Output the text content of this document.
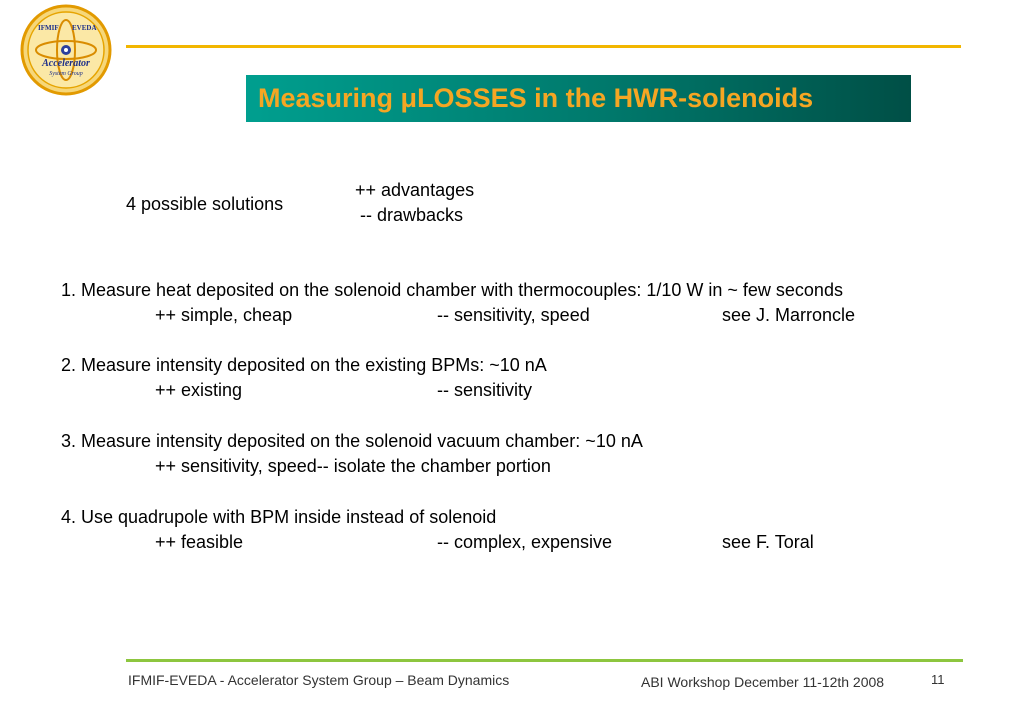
IFMIF EVEDA
Accelerator
System Group
Measuring μLOSSES in the HWR-solenoids
4 possible solutions
++ advantages
-- drawbacks
1. Measure heat deposited on the solenoid chamber with thermocouples: 1/10 W in ~ few seconds
++ simple, cheap	-- sensitivity, speed	see J. Marroncle
2. Measure intensity deposited on the existing BPMs: ~10 nA
++ existing	-- sensitivity
3. Measure intensity deposited on the solenoid vacuum chamber: ~10 nA
++ sensitivity, speed-- isolate the chamber portion
4. Use quadrupole with BPM inside instead of solenoid
++ feasible	-- complex, expensive	see F. Toral
IFMIF-EVEDA - Accelerator System Group – Beam Dynamics	ABI Workshop December 11-12th 2008	11
